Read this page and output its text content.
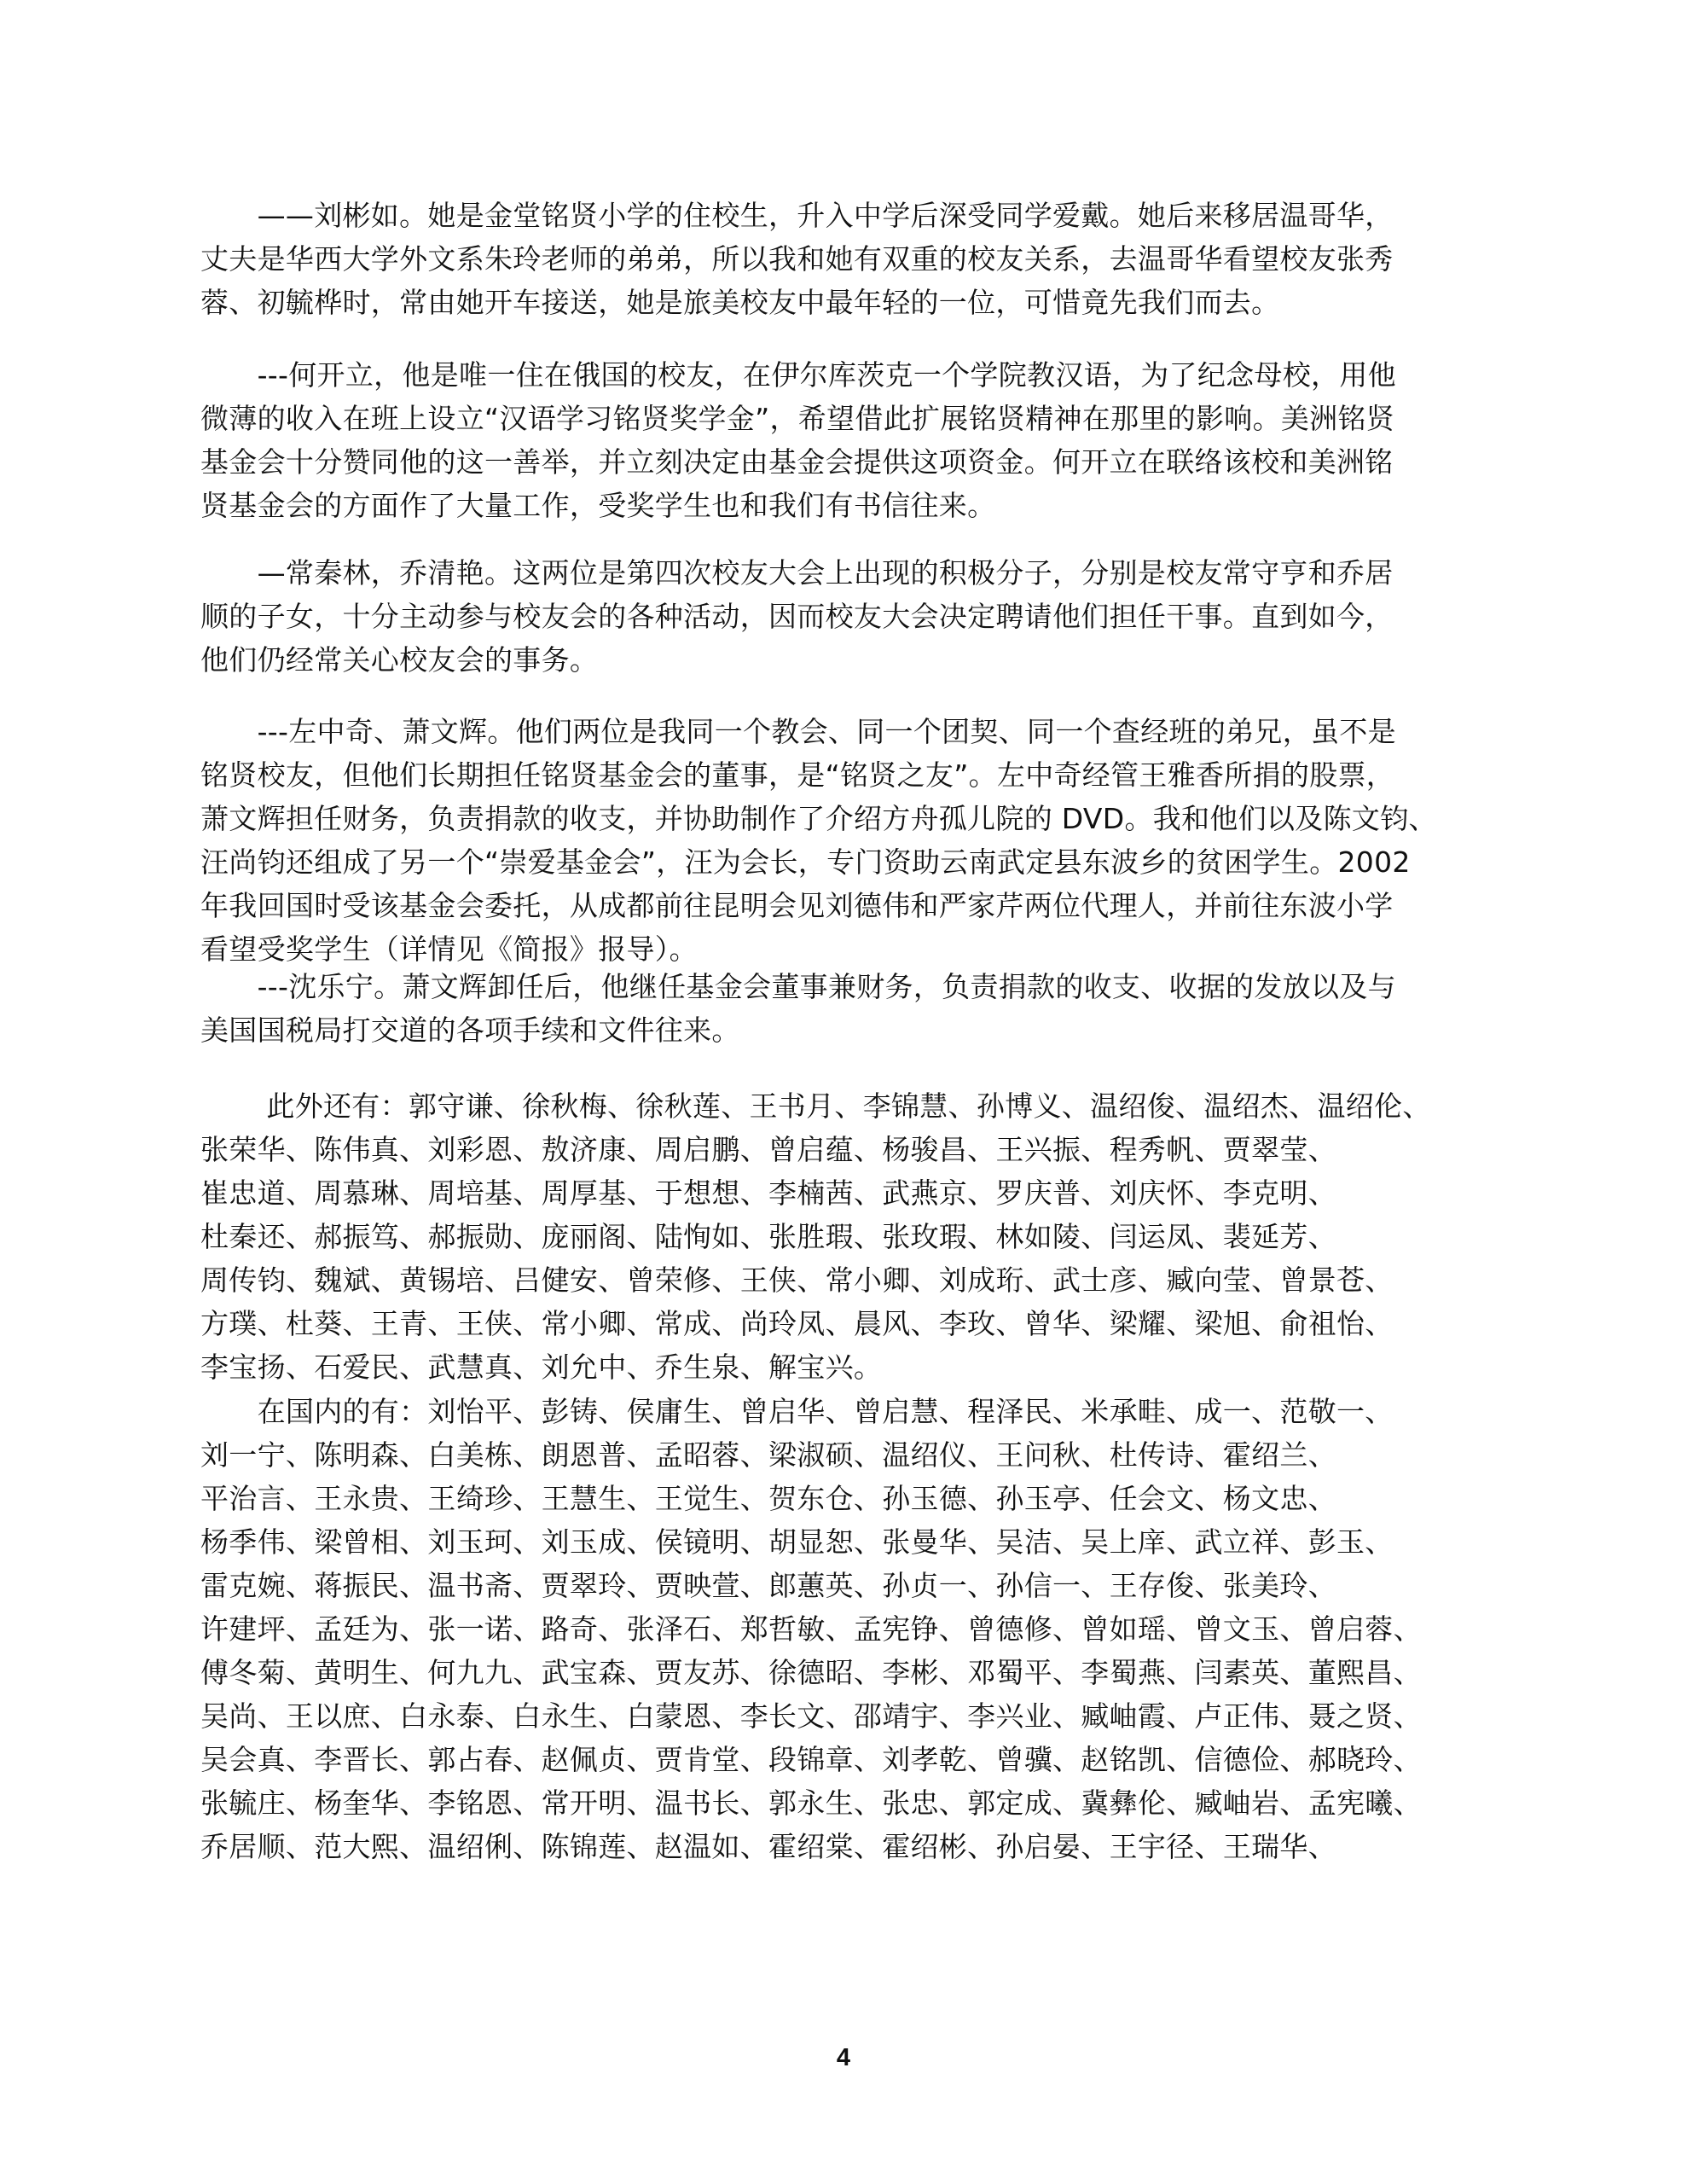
　　——刘彬如。她是金堂铭贤小学的住校生，升入中学后深受同学爱戴。她后来移居温哥华，
丈夫是华西大学外文系朱玲老师的弟弟，所以我和她有双重的校友关系，去温哥华看望校友张秀
蓉、初毓桦时，常由她开车接送，她是旅美校友中最年轻的一位，可惜竟先我们而去。
　　---何开立，他是唯一住在俄国的校友，在伊尔库茨克一个学院教汉语，为了纪念母校，用他
微薄的收入在班上设立“汉语学习铭贤奖学金”，希望借此扩展铭贤精神在那里的影响。美洲铭贤
基金会十分赞同他的这一善举，并立刻决定由基金会提供这项资金。何开立在联络该校和美洲铭
贤基金会的方面作了大量工作，受奖学生也和我们有书信往来。
　　—常秦林，乔清艳。这两位是第四次校友大会上出现的积极分子，分别是校友常守亨和乔居
顺的子女，十分主动参与校友会的各种活动，因而校友大会决定聘请他们担任干事。直到如今，
他们仍经常关心校友会的事务。
　　---左中奇、萧文辉。他们两位是我同一个教会、同一个团契、同一个查经班的弟兄，虽不是
铭贤校友，但他们长期担任铭贤基金会的董事，是“铭贤之友”。左中奇经管王雅香所捐的股票，
萧文辉担任财务，负责捐款的收支，并协助制作了介绍方舟孤儿院的 DVD。我和他们以及陈文钧、
汪尚钧还组成了另一个“崇爱基金会”，汪为会长，专门资助云南武定县东波乡的贫困学生。2002
年我回国时受该基金会委托，从成都前往昆明会见刘德伟和严家芹两位代理人，并前往东波小学
看望受奖学生（详情见《简报》报导）。
　　---沈乐宁。萧文辉卸任后，他继任基金会董事兼财务，负责捐款的收支、收据的发放以及与
美国国税局打交道的各项手续和文件往来。
　　 此外还有：郭守谦、徐秋梅、徐秋莲、王书月、李锦慧、孙博义、温绍俊、温绍杰、温绍伦、
张荣华、陈伟真、刘彩恩、敖济康、周启鹏、曾启蕴、杨骏昌、王兴振、程秀帆、贾翠莹、
崔忠道、周慕琳、周培基、周厚基、于想想、李楠茜、武燕京、罗庆普、刘庆怀、李克明、
杜秦还、郝振笃、郝振勋、庞丽阁、陆恂如、张胜瑕、张玫瑕、林如陵、闫运凤、裴延芳、
周传钧、魏斌、黄锡培、吕健安、曾荣修、王侠、常小卿、刘成珩、武士彦、臧向莹、曾景苍、
方璞、杜葵、王青、王侠、常小卿、常成、尚玲凤、晨风、李玫、曾华、梁耀、梁旭、俞祖怡、
李宝扬、石爱民、武慧真、刘允中、乔生泉、解宝兴。
　　在国内的有：刘怡平、彭铸、侯庸生、曾启华、曾启慧、程泽民、米承畦、成一、范敬一、
刘一宁、陈明森、白美栋、朗恩普、孟昭蓉、梁淑硕、温绍仪、王问秋、杜传诗、霍绍兰、
平治言、王永贵、王绮珍、王慧生、王觉生、贺东仓、孙玉德、孙玉亭、任会文、杨文忠、
杨季伟、梁曾相、刘玉珂、刘玉成、侯镜明、胡显恕、张曼华、吴洁、吴上庠、武立祥、彭玉、
雷克婉、蒋振民、温书斋、贾翠玲、贾映萱、郎蕙英、孙贞一、孙信一、王存俊、张美玲、
许建坪、孟廷为、张一诺、路奇、张泽石、郑哲敏、孟宪铮、曾德修、曾如瑶、曾文玉、曾启蓉、
傅冬菊、黄明生、何九九、武宝森、贾友苏、徐德昭、李彬、邓蜀平、李蜀燕、闫素英、董熙昌、
吴尚、王以庶、白永泰、白永生、白蒙恩、李长文、邵靖宇、李兴业、臧岫霞、卢正伟、聂之贤、
吴会真、李晋长、郭占春、赵佩贞、贾肯堂、段锦章、刘孝乾、曾骥、赵铭凯、信德俭、郝晓玲、
张毓庄、杨奎华、李铭恩、常开明、温书长、郭永生、张忠、郭定成、冀彝伦、臧岫岩、孟宪曦、
乔居顺、范大熙、温绍俐、陈锦莲、赵温如、霍绍棠、霍绍彬、孙启晏、王宇径、王瑞华、
4
